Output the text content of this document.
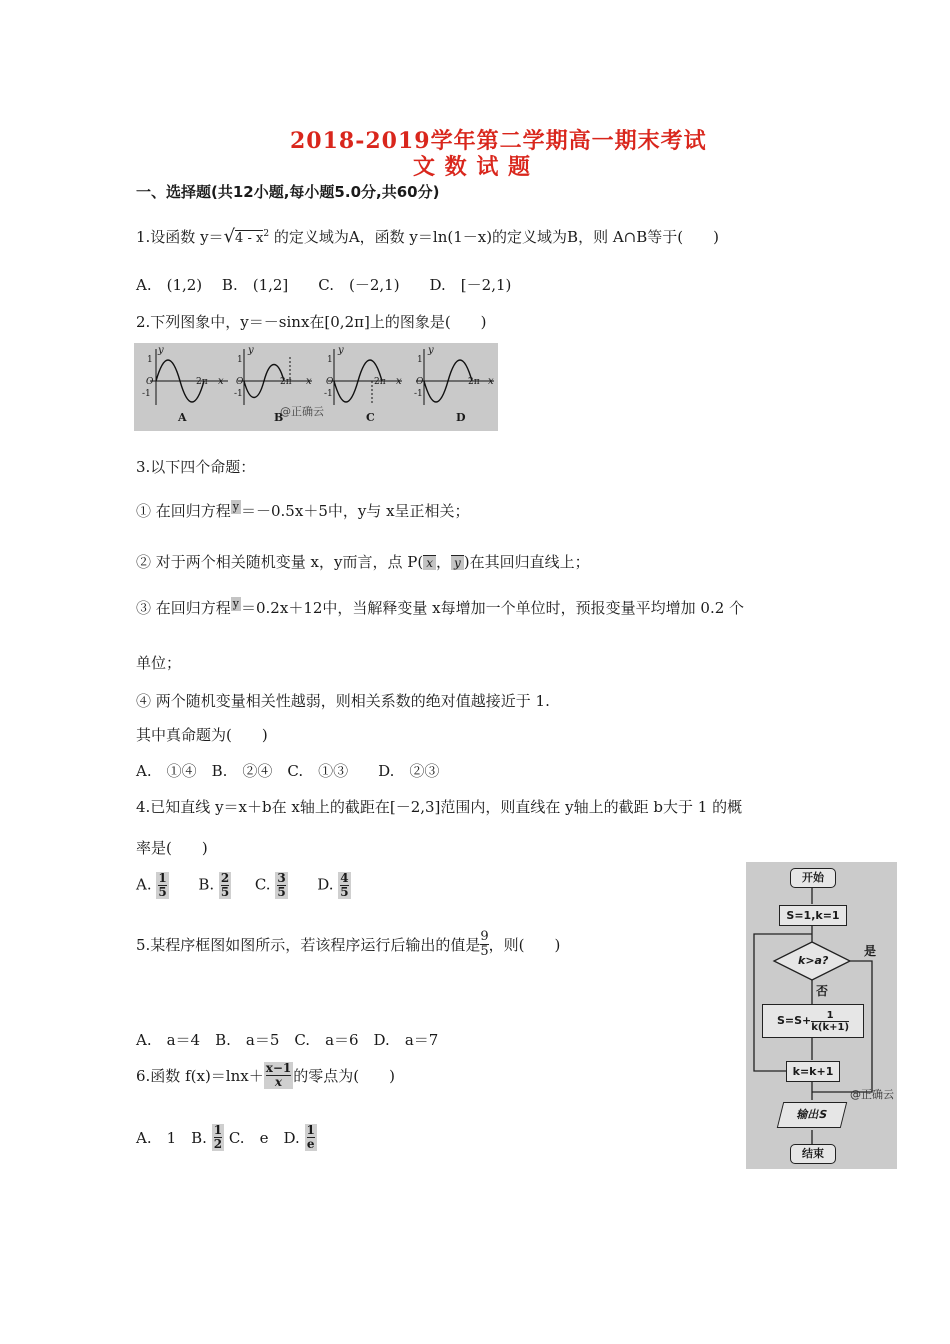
2018-2019学年第二学期高一期末考试
文 数 试 题
一、选择题(共12小题,每小题5.0分,共60分)
1.设函数 $y=√4 - x^2$ 的定义域为A，函数 y＝ln(1－x)的定义域为B，则 A∩B等于(　　)
A.　(1,2)　 B.　(1,2]　　C.　(－2,1)　　D.　[－2,1)
2.下列图象中，y＝－sinx在[0,2π]上的图象是(　　)
y
1
O
-1
2π x
A
y
1
O
-1
2π x
B
@正确云
y
1
O
-1
2π x
C
y
1
O
-1
2π x
D
3.以下四个命题：
① 在回归方程 y ＝－0.5x＋5中，y与 x呈正相关；
② 对于两个相关随机变量 x，y而言，点 P( x ， y )在其回归直线上；
③ 在回归方程 y ＝0.2x＋12中，当解释变量 x每增加一个单位时，预报变量平均增加 0.2 个
单位；
④ 两个随机变量相关性越弱，则相关系数的绝对值越接近于 1.
其中真命题为(　　)
A.　①④　B.　②④　C.　①③　　D.　②③
4.已知直线 y＝x＋b在 x轴上的截距在[－2,3]范围内，则直线在 y轴上的截距 b大于 1 的概
率是(　　)
A. $\frac{1}{5} B$. $\frac{2}{5} C$. $\frac{3}{5} D$. $\frac{4}{5}$
5.某程序框图如图所示，若该程序运行后输出的值是 $\frac{9}{5}$ ，则(　　)
A.　a＝4　B.　a＝5　C.　a＝6　D.　a＝7
开始
S=1,k=1
k>a?
是
否
$S=S+ \frac{1}{k(k+1)}$
k=k+1
@正确云
输出S
结束
6.函数 $f(x)=\ln x+ \frac{x-1}{x}$ 的零点为(　　)
A.　1　B. $\frac{1}{2} C$.　e　D. $\frac{1}{e}$
